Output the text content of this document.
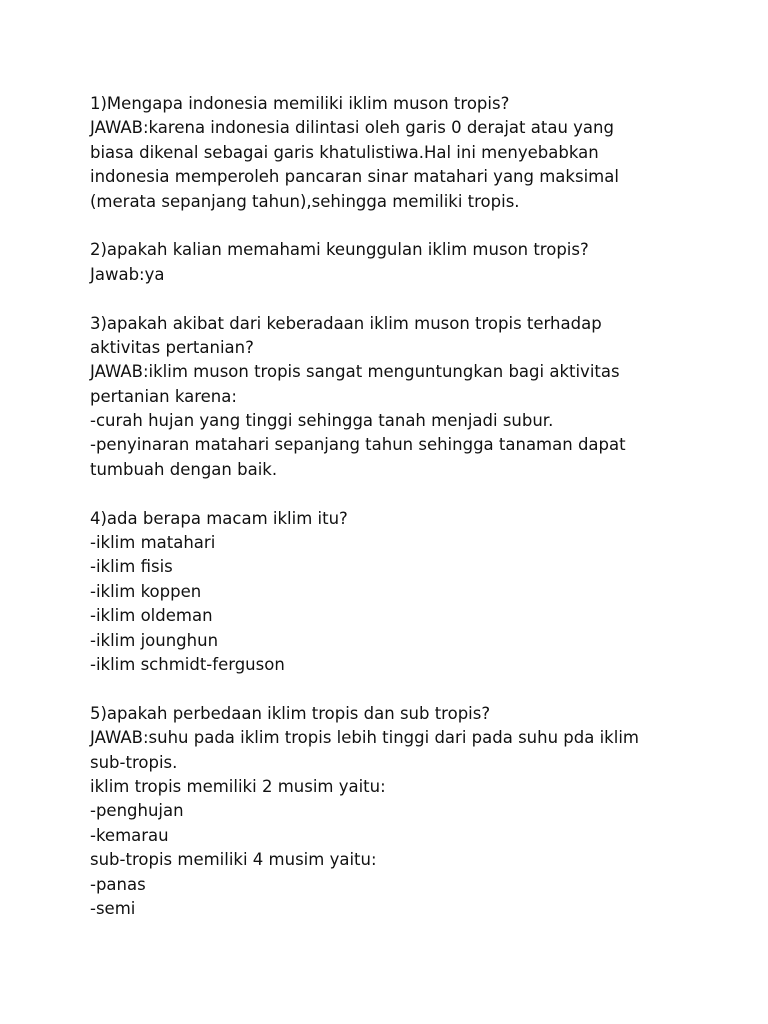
1)Mengapa indonesia memiliki iklim muson tropis?
JAWAB:karena indonesia dilintasi oleh garis 0 derajat atau yang
biasa dikenal sebagai garis khatulistiwa.Hal ini menyebabkan
indonesia memperoleh pancaran sinar matahari yang maksimal
(merata sepanjang tahun),sehingga memiliki tropis.
2)apakah kalian memahami keunggulan iklim muson tropis?
Jawab:ya
3)apakah akibat dari keberadaan iklim muson tropis terhadap
aktivitas pertanian?
JAWAB:iklim muson tropis sangat menguntungkan bagi aktivitas
pertanian karena:
-curah hujan yang tinggi sehingga tanah menjadi subur.
-penyinaran matahari sepanjang tahun sehingga tanaman dapat
tumbuah dengan baik.
4)ada berapa macam iklim itu?
-iklim matahari
-iklim fisis
-iklim koppen
-iklim oldeman
-iklim jounghun
-iklim schmidt-ferguson
5)apakah perbedaan iklim tropis dan sub tropis?
JAWAB:suhu pada iklim tropis lebih tinggi dari pada suhu pda iklim
sub-tropis.
iklim tropis memiliki 2 musim yaitu:
-penghujan
-kemarau
sub-tropis memiliki 4 musim yaitu:
-panas
-semi
